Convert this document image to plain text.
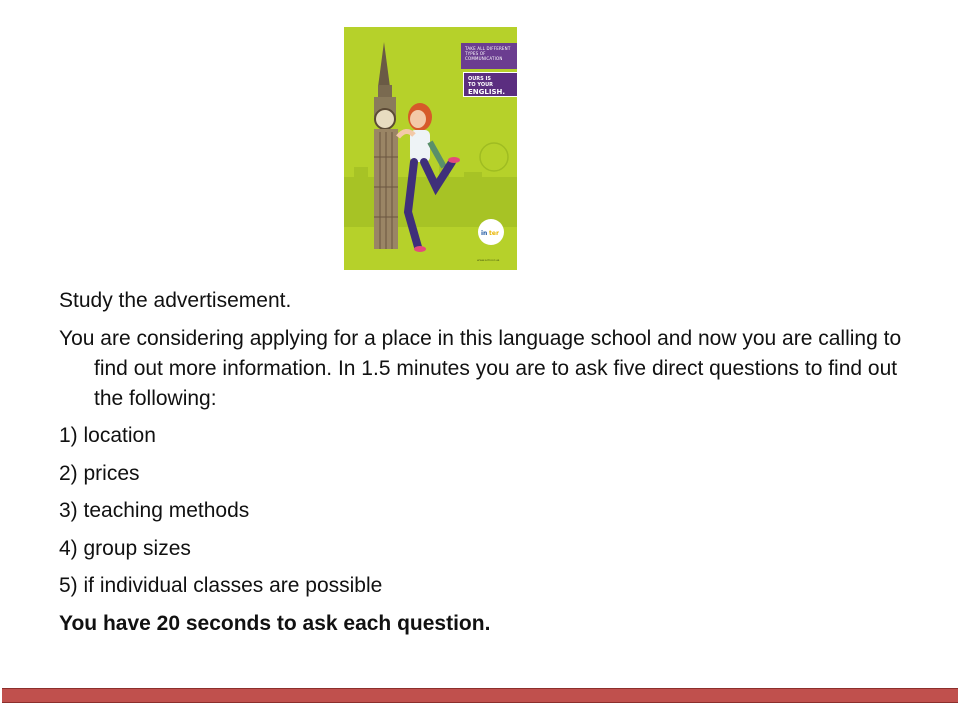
in ter
TAKE ALL DIFFERENT TYPES OF COMMUNICATION
OURS IS
TO YOUR
ENGLISH.
www.school.ua

Study the advertisement.

You are considering applying for a place in this language school and now you are calling to find out more information. In 1.5 minutes you are to ask five direct questions to find out the following:

1) location

2) prices

3) teaching methods

4) group sizes

5) if individual classes are possible

You have 20 seconds to ask each question.
